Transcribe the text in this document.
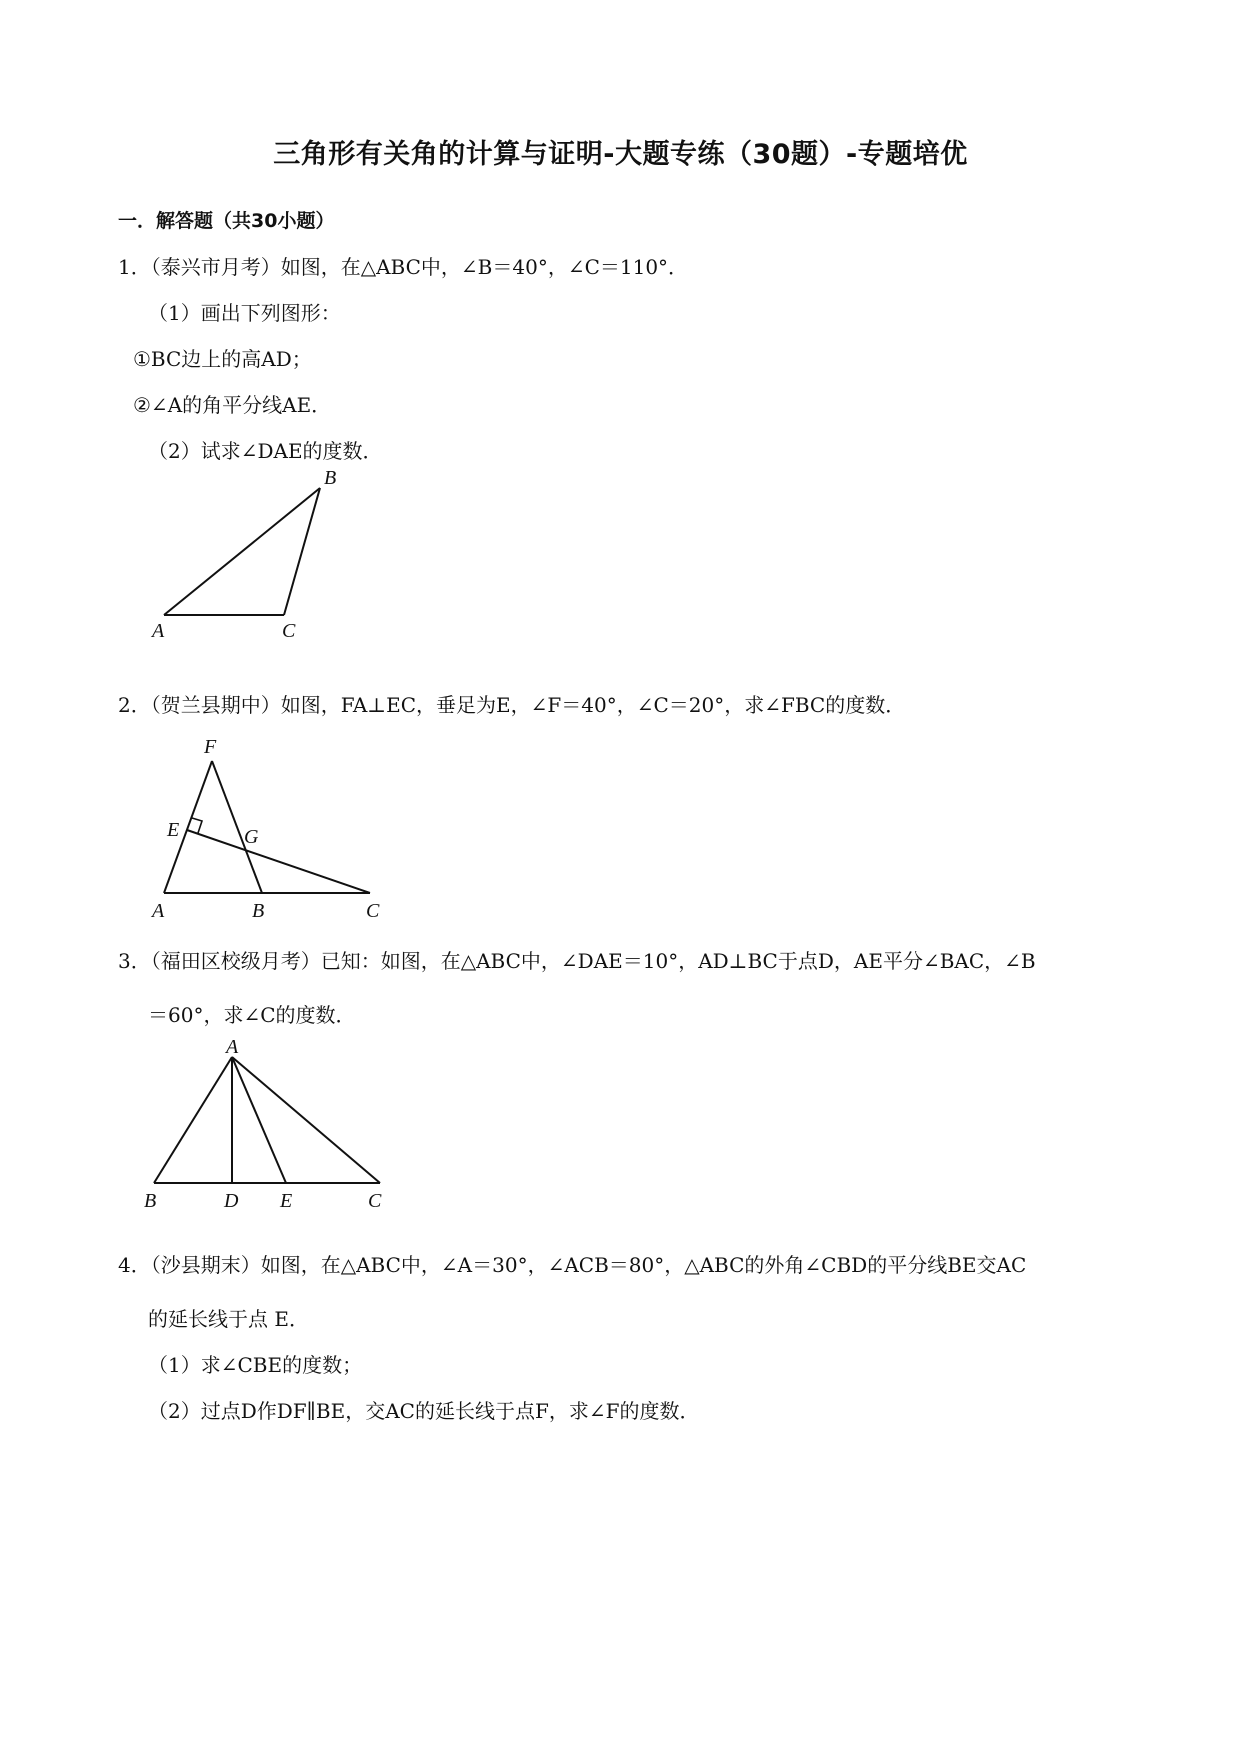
三角形有关角的计算与证明-大题专练（30题）-专题培优
一．解答题（共30小题）
1．（泰兴市月考）如图，在△ABC中，∠B＝40°，∠C＝110°．
（1）画出下列图形：
①BC边上的高AD；
②∠A的角平分线AE．
（2）试求∠DAE的度数．
A	C
B
2．（贺兰县期中）如图，FA⊥EC，垂足为E，∠F＝40°，∠C＝20°，求∠FBC的度数．
E
F
G
A	B	C
3．（福田区校级月考）已知：如图，在△ABC中，∠DAE＝10°，AD⊥BC于点D，AE平分∠BAC，∠B
＝60°，求∠C的度数．
A
B	D E	C
4．（沙县期末）如图，在△ABC中，∠A＝30°，∠ACB＝80°，△ABC的外角∠CBD的平分线BE交AC
的延长线于点 E．
（1）求∠CBE的度数；
（2）过点D作DF∥BE，交AC的延长线于点F，求∠F的度数．
